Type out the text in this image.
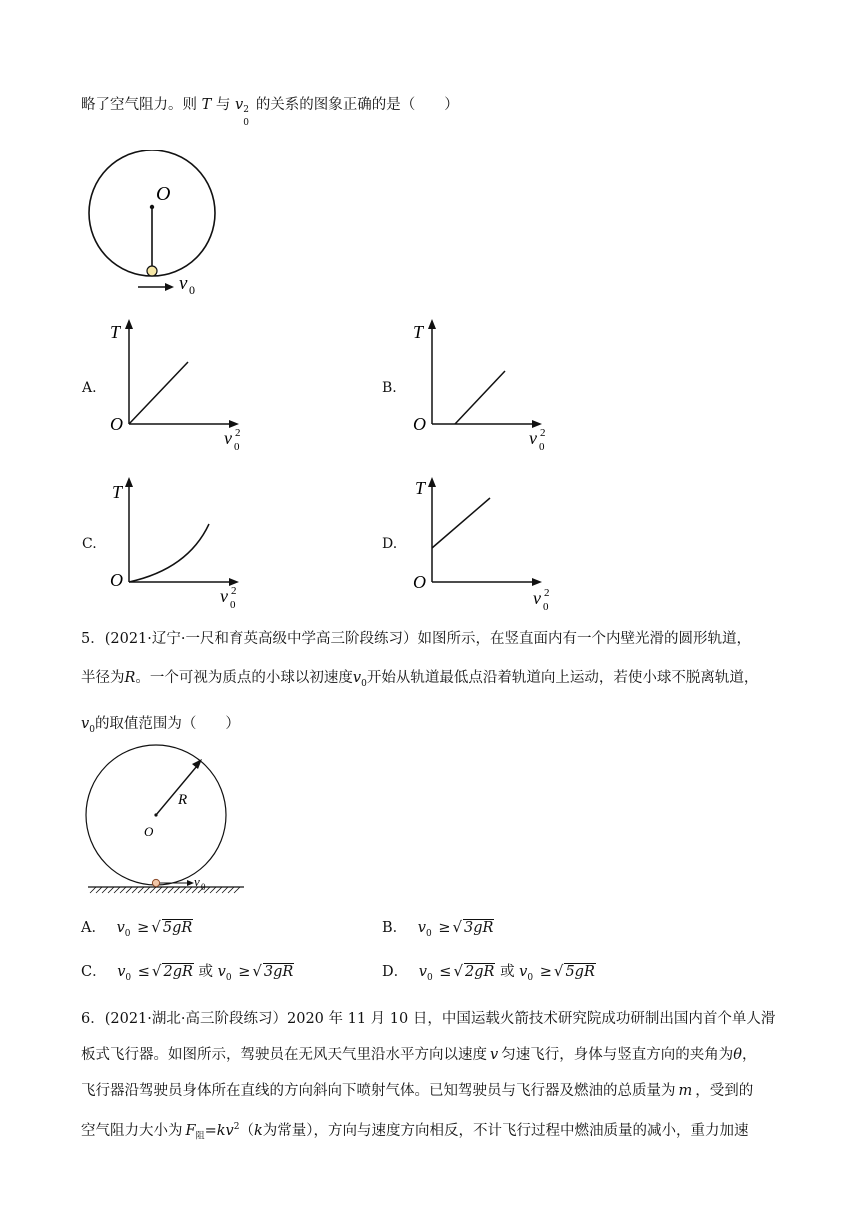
略了空气阻力。则 T 与 v 2
0
的关系的图象正确的是（　　）
O
v 0
A.
T
O
v 0
2
B.
T
O
v 0
2
C.
T
O
v 0
2
D.
T
O
v 0
2
5．(2021·辽宁·一尺和育英高级中学高三阶段练习）如图所示，在竖直面内有一个内壁光滑的圆形轨道，
半径为R。一个可视为质点的小球以初速度$v_0$开始从轨道最低点沿着轨道向上运动，若使小球不脱离轨道，
$v_0$的取值范围为（　　）
R
O
v 0
A． $v_0$ ≥ √ 5gR	B． $v_0$ ≥ √ 3gR
C． $v_0$ ≤ √ 2gR 或 $v_0$ ≥ √ 3gR	D． $v_0$ ≤ √ 2gR 或 $v_0$ ≥ √ 5gR
6．(2021·湖北·高三阶段练习）2020 年 11 月 10 日，中国运载火箭技术研究院成功研制出国内首个单人滑
板式飞行器。如图所示，驾驶员在无风天气里沿水平方向以速度 v 匀速飞行，身体与竖直方向的夹角为θ，
飞行器沿驾驶员身体所在直线的方向斜向下喷射气体。已知驾驶员与飞行器及燃油的总质量为 m ，受到的
空气阻力大小为 $F_阻=kv^2(k$为常量），方向与速度方向相反，不计飞行过程中燃油质量的减小，重力加速
